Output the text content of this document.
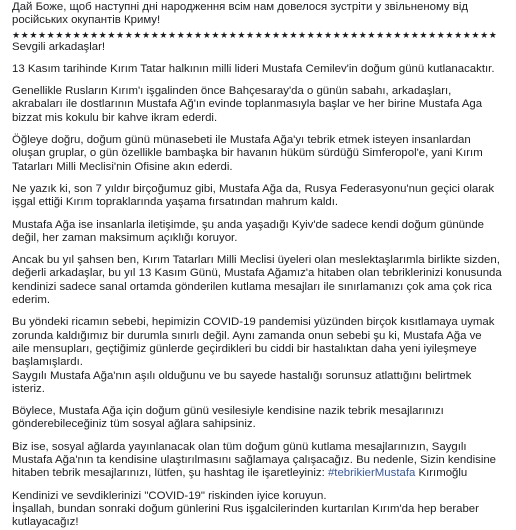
Дай Боже, щоб наступні дні народження всім нам довелося зустріти у звільненому від російських окупантів Криму!

★★★★★★★★★★★★★★★★★★★★★★★★★★★★★★★★★★★★★★★★★★★★★★★★★★★★★★★★

Sevgili arkadaşlar!

13 Kasım tarihinde Kırım Tatar halkının milli lideri Mustafa Cemilev'in doğum günü kutlanacaktır.

Genellikle Rusların Kırım'ı işgalinden önce Bahçesaray'da o günün sabahı, arkadaşları, akrabaları ile dostlarının Mustafa Ağ'ın evinde toplanmasıyla başlar ve her birine Mustafa Aga bizzat mis kokulu bir kahve ikram ederdi.

Öğleye doğru, doğum günü münasebeti ile Mustafa Ağa'yı tebrik etmek isteyen insanlardan oluşan gruplar, o gün özellikle bambaşka bir havanın hüküm sürdüğü Simferopol'e, yani Kırım Tatarları Milli Meclisi'nin Ofisine akın ederdi.

Ne yazık ki, son 7 yıldır birçoğumuz gibi, Mustafa Ağa da, Rusya Federasyonu'nun geçici olarak işgal ettiği Kırım topraklarında yaşama fırsatından mahrum kaldı.

Mustafa Ağa ise insanlarla iletişimde, şu anda yaşadığı Kyiv'de sadece kendi doğum gününde değil, her zaman maksimum açıklığı koruyor.

Ancak bu yıl şahsen ben, Kırım Tatarları Milli Meclisi üyeleri olan meslektaşlarımla birlikte sizden, değerli arkadaşlar, bu yıl 13 Kasım Günü, Mustafa Ağamız'a hitaben olan tebriklerinizi konusunda kendinizi sadece sanal ortamda gönderilen kutlama mesajları ile sınırlamanızı çok ama çok rica ederim.

Bu yöndeki ricamın sebebi, hepimizin COVID-19 pandemisi yüzünden birçok kısıtlamaya uymak zorunda kaldığımız bir durumla sınırlı değil. Aynı zamanda onun sebebi şu ki, Mustafa Ağa ve aile mensupları, geçtiğimiz günlerde geçirdikleri bu ciddi bir hastalıktan daha yeni iyileşmeye başlamışlardı.

Saygılı Mustafa Ağa'nın aşılı olduğunu ve bu sayede hastalığı sorunsuz atlattığını belirtmek isteriz.

Böylece, Mustafa Ağa için doğum günü vesilesiyle kendisine nazik tebrik mesajlarınızı gönderebileceğiniz tüm sosyal ağlara sahipsiniz.

Biz ise, sosyal ağlarda yayınlanacak olan tüm doğum günü kutlama mesajlarınızın, Saygılı Mustafa Ağa'nın ta kendisine ulaştırılmasını sağlamaya çalışacağız. Bu nedenle, Sizin kendisine hitaben tebrik mesajlarınızı, lütfen, şu hashtag ile işaretleyiniz: #tebrikierMustafa Kırımoğlu

Kendinizi ve sevdiklerinizi "COVID-19" riskinden iyice koruyun.

İnşallah, bundan sonraki doğum günlerini Rus işgalcilerinden kurtarılan Kırım'da hep beraber kutlayacağız!
